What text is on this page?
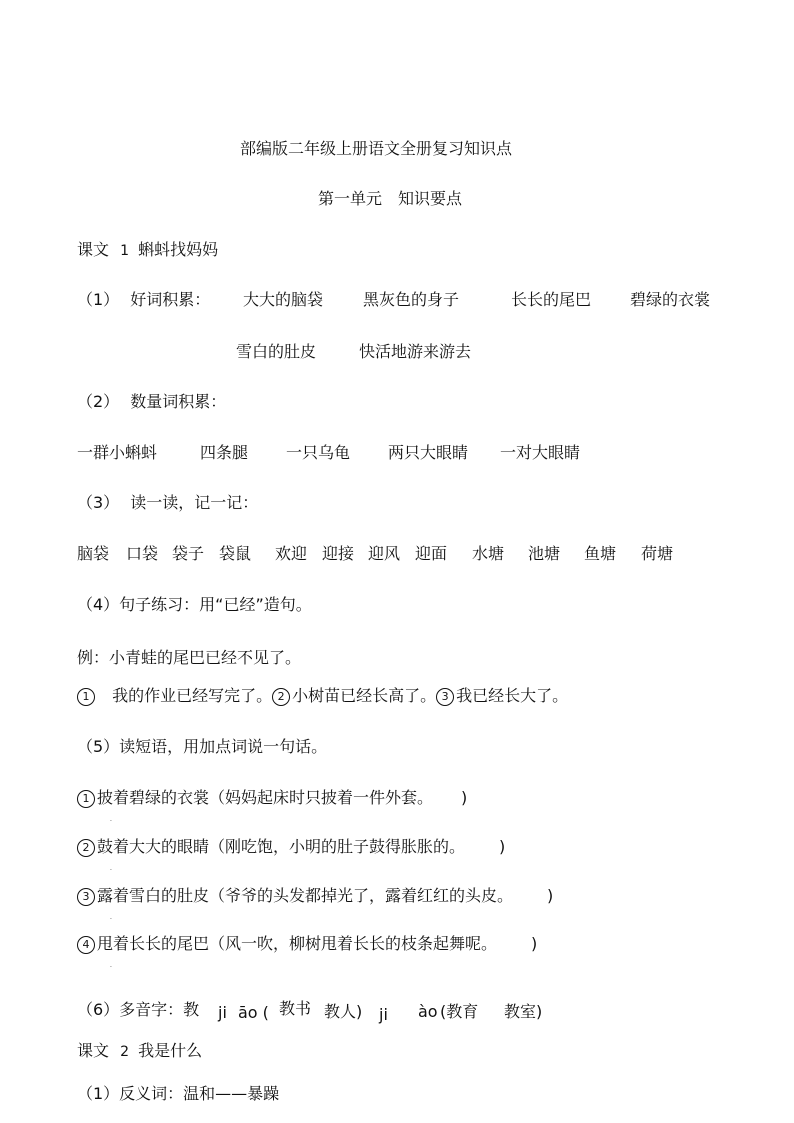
部编版二年级上册语文全册复习知识点
第一单元　知识要点
课文 1 蝌蚪找妈妈
（1） 好词积累： 大大的脑袋 黑灰色的身子	长长的尾巴 碧绿的衣裳
雪白的肚皮	快活地游来游去
（2） 数量词积累：
一群小蝌蚪	四条腿 一只乌龟 两只大眼睛 一对大眼睛
（3） 读一读，记一记：
脑袋 口袋 袋子 袋鼠 欢迎 迎接 迎风 迎面 水塘 池塘 鱼塘 荷塘
（4）句子练习：用“已经”造句。
例：小青蛙的尾巴已经不见了。
1 我的作业已经写完了。 2 小树苗已经长高了。 3 我已经长大了。
（5）读短语，用加点词说一句话。
1 披着碧绿的衣裳（妈妈起床时只披着一件外套。 )
·
2 鼓着大大的眼睛（刚吃饱，小明的肚子鼓得胀胀的。	)
·
3 露着雪白的肚皮（爷爷的头发都掉光了，露着红红的头皮。	)
·
4 甩着长长的尾巴（风一吹，柳树甩着长长的枝条起舞呢。	)
·
（6）多音字：教 ji āo ( 教书 教人) ji ào (教育 教室)
课文 2 我是什么
（1）反义词：温和——暴躁
